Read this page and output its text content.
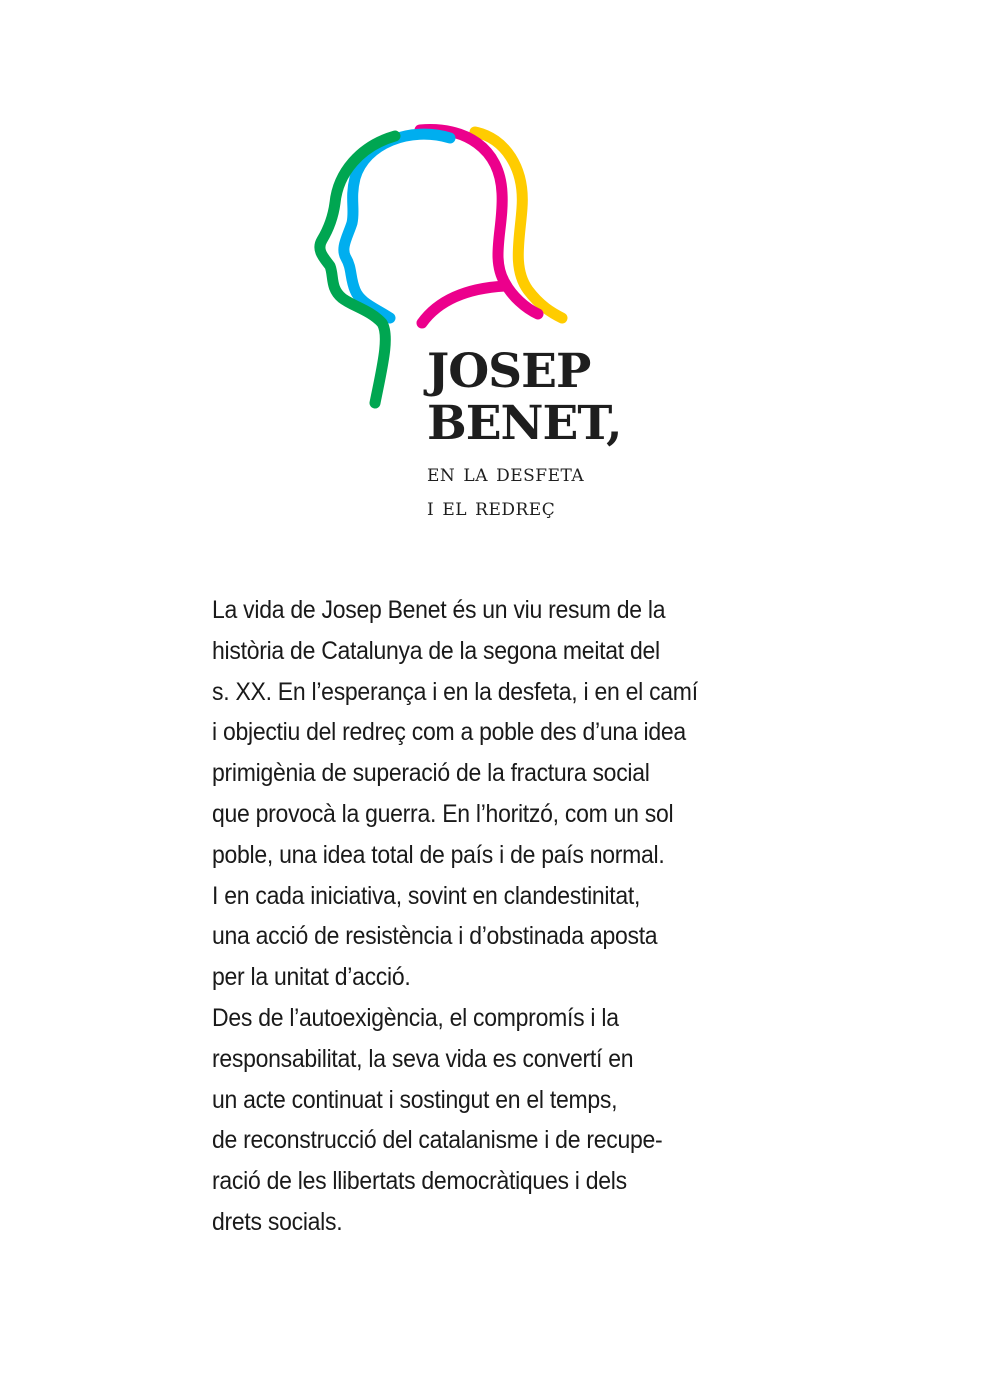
JOSEP
BENET,
en la desfeta
i el redreç
La vida de Josep Benet és un viu resum de la
història de Catalunya de la segona meitat del
s. XX. En l’esperança i en la desfeta, i en el camí
i objectiu del redreç com a poble des d’una idea
primigènia de superació de la fractura social
que provocà la guerra. En l’horitzó, com un sol
poble, una idea total de país i de país normal.
I en cada iniciativa, sovint en clandestinitat,
una acció de resistència i d’obstinada aposta
per la unitat d’acció.
Des de l’autoexigència, el compromís i la
responsabilitat, la seva vida es convertí en
un acte continuat i sostingut en el temps,
de reconstrucció del catalanisme i de recupe-
ració de les llibertats democràtiques i dels
drets socials.
